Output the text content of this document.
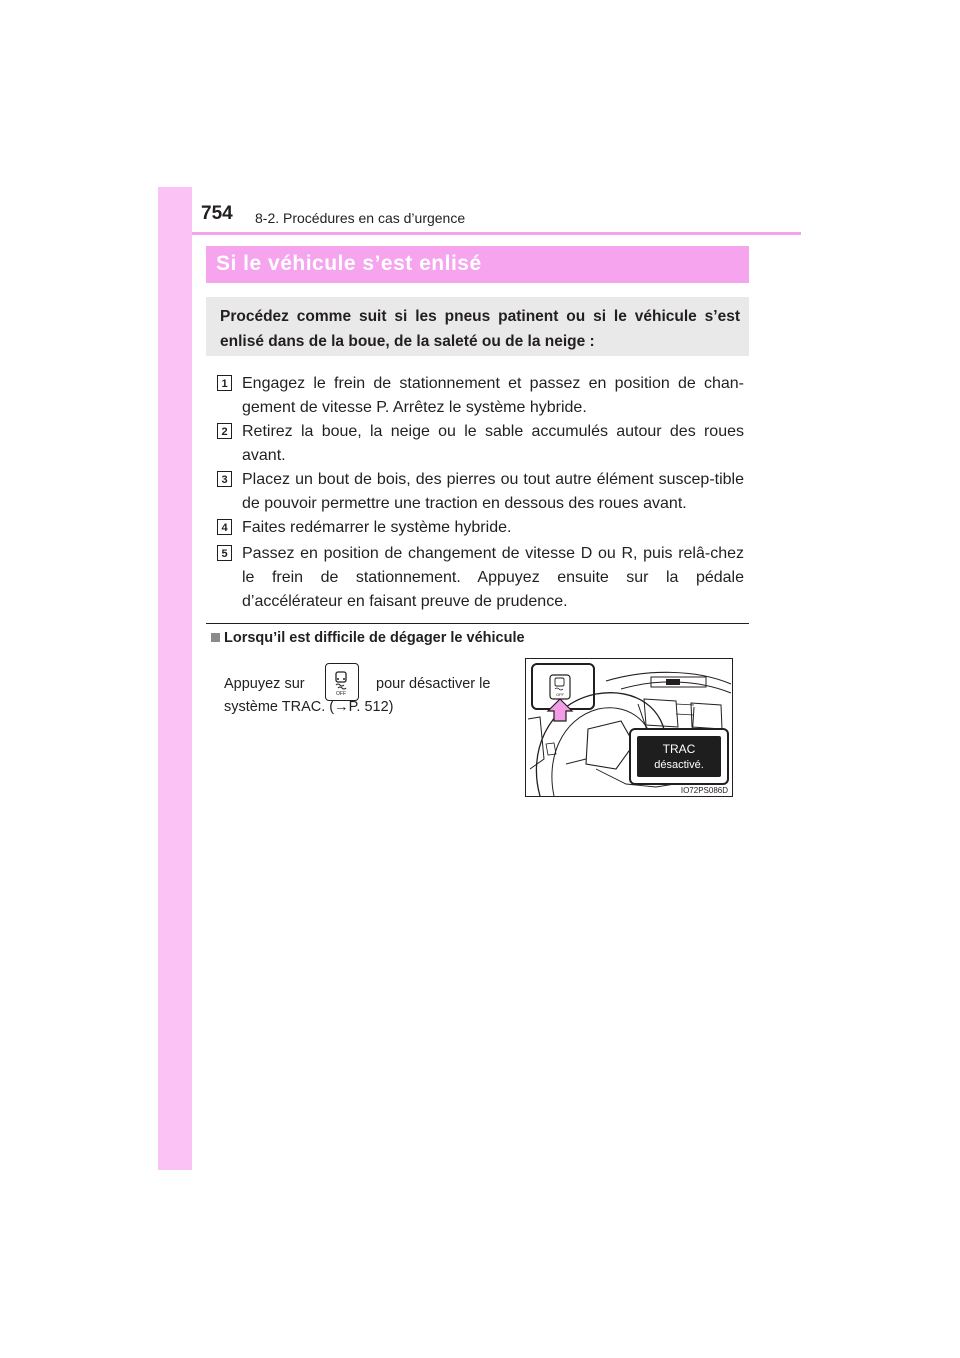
754 8-2. Procédures en cas d’urgence
Si le véhicule s’est enlisé
Procédez comme suit si les pneus patinent ou si le véhicule s’est enlisé dans de la boue, de la saleté ou de la neige :
1 Engagez le frein de stationnement et passez en position de chan-gement de vitesse P. Arrêtez le système hybride.
2 Retirez la boue, la neige ou le sable accumulés autour des roues avant.
3 Placez un bout de bois, des pierres ou tout autre élément suscep-tible de pouvoir permettre une traction en dessous des roues avant.
4 Faites redémarrer le système hybride.
5 Passez en position de changement de vitesse D ou R, puis relâ-chez le frein de stationnement. Appuyez ensuite sur la pédale d’accélérateur en faisant preuve de prudence.
Lorsqu’il est difficile de dégager le véhicule
Appuyez sur
OFF
pour désactiver le
système TRAC. (→P. 512)
OFF
TRAC
désactivé.
IO72PS086D
